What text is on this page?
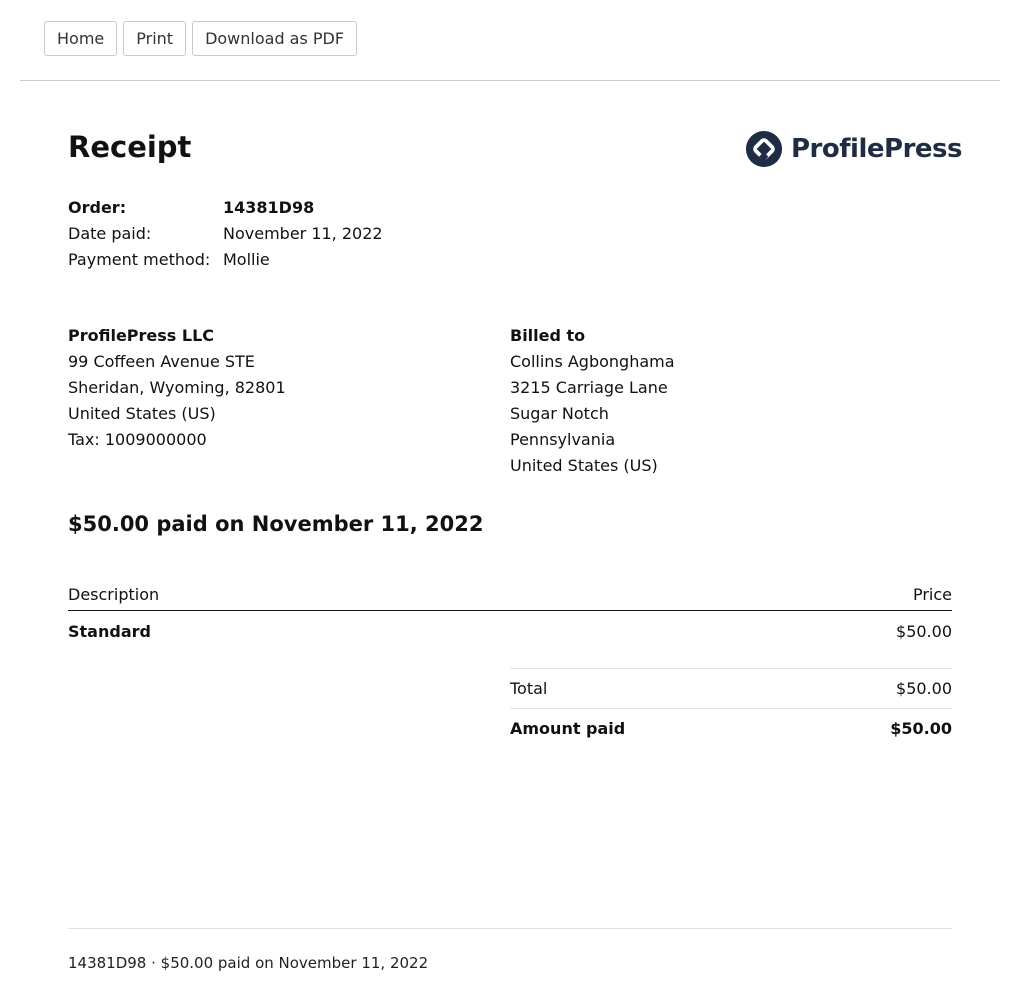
Home	Print	Download as PDF
Receipt	ProfilePress
Order:	14381D98
Date paid:	November 11, 2022
Payment method: Mollie
ProfilePress LLC
99 Coffeen Avenue STE
Sheridan, Wyoming, 82801
United States (US)
Tax: 1009000000
Billed to
Collins Agbonghama
3215 Carriage Lane
Sugar Notch
Pennsylvania
United States (US)
$50.00 paid on November 11, 2022
Description	Price
Standard	$50.00
Total	$50.00
Amount paid	$50.00
14381D98 · $50.00 paid on November 11, 2022
